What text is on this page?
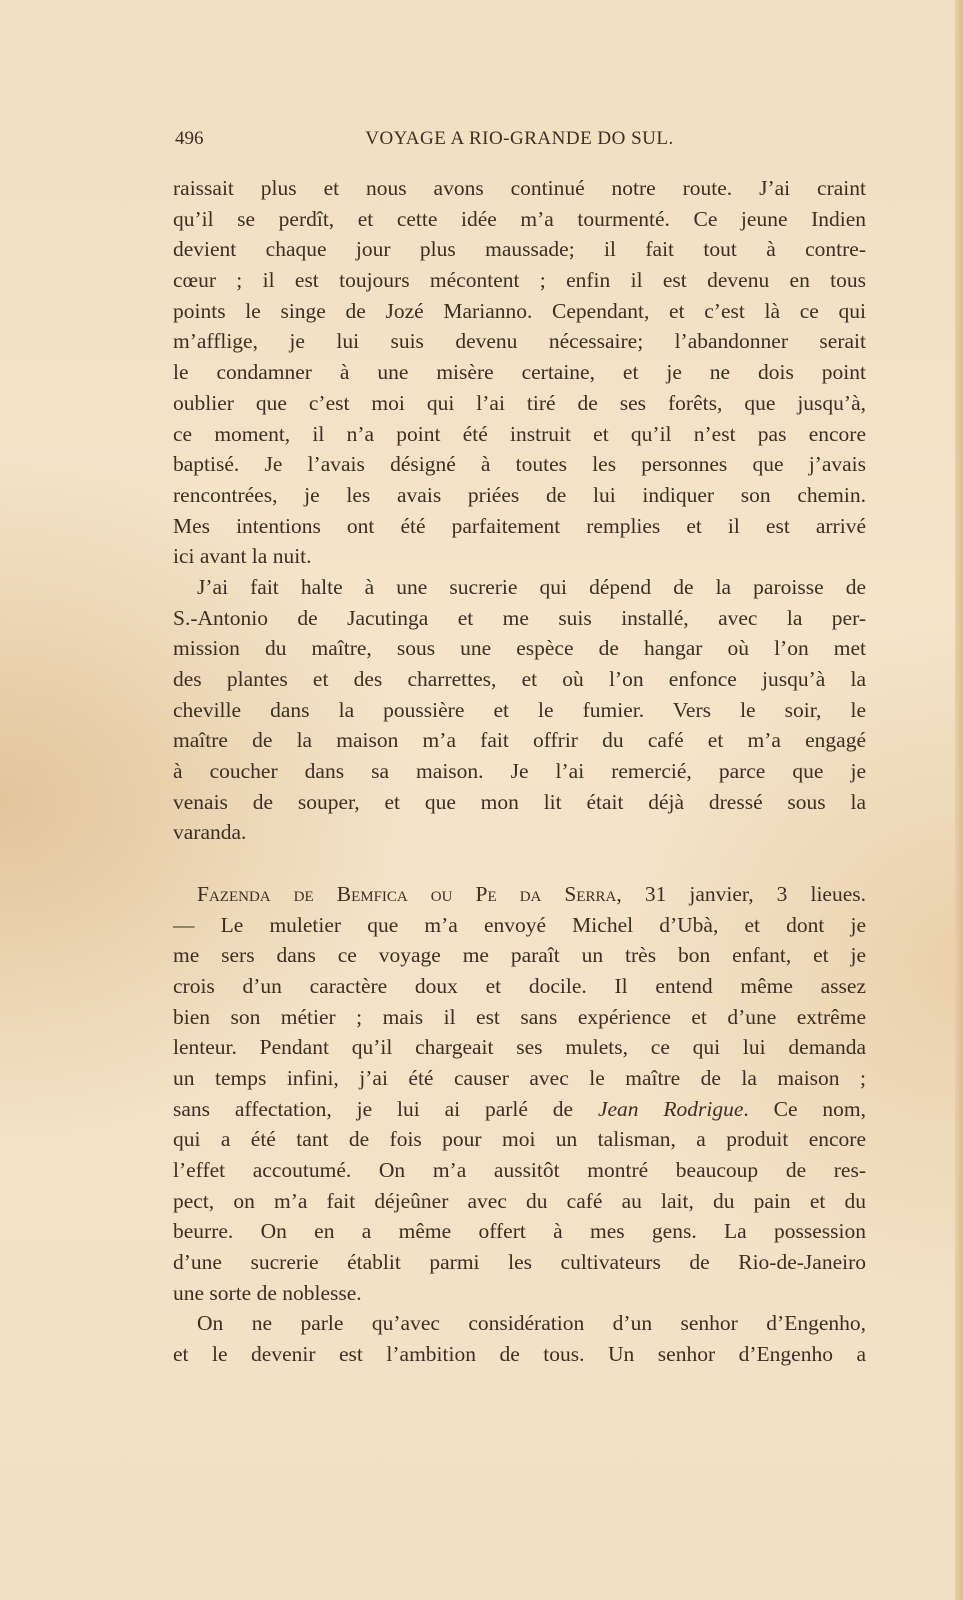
496	VOYAGE A RIO-GRANDE DO SUL.
raissait plus et nous avons continué notre route. J’ai craint
qu’il se perdît, et cette idée m’a tourmenté. Ce jeune Indien
devient chaque jour plus maussade; il fait tout à contre-
cœur ; il est toujours mécontent ; enfin il est devenu en tous
points le singe de Jozé Marianno. Cependant, et c’est là ce qui
m’afflige, je lui suis devenu nécessaire; l’abandonner serait
le condamner à une misère certaine, et je ne dois point
oublier que c’est moi qui l’ai tiré de ses forêts, que jusqu’à,
ce moment, il n’a point été instruit et qu’il n’est pas encore
baptisé. Je l’avais désigné à toutes les personnes que j’avais
rencontrées, je les avais priées de lui indiquer son chemin.
Mes intentions ont été parfaitement remplies et il est arrivé
ici avant la nuit.
J’ai fait halte à une sucrerie qui dépend de la paroisse de
S.-Antonio de Jacutinga et me suis installé, avec la per-
mission du maître, sous une espèce de hangar où l’on met
des plantes et des charrettes, et où l’on enfonce jusqu’à la
cheville dans la poussière et le fumier. Vers le soir, le
maître de la maison m’a fait offrir du café et m’a engagé
à coucher dans sa maison. Je l’ai remercié, parce que je
venais de souper, et que mon lit était déjà dressé sous la
varanda.
Fazenda de Bemfica ou Pe da Serra, 31 janvier, 3 lieues.
— Le muletier que m’a envoyé Michel d’Ubà, et dont je
me sers dans ce voyage me paraît un très bon enfant, et je
crois d’un caractère doux et docile. Il entend même assez
bien son métier ; mais il est sans expérience et d’une extrême
lenteur. Pendant qu’il chargeait ses mulets, ce qui lui demanda
un temps infini, j’ai été causer avec le maître de la maison ;
sans affectation, je lui ai parlé de Jean Rodrigue. Ce nom,
qui a été tant de fois pour moi un talisman, a produit encore
l’effet accoutumé. On m’a aussitôt montré beaucoup de res-
pect, on m’a fait déjeûner avec du café au lait, du pain et du
beurre. On en a même offert à mes gens. La possession
d’une sucrerie établit parmi les cultivateurs de Rio-de-Janeiro
une sorte de noblesse.
On ne parle qu’avec considération d’un senhor d’Engenho,
et le devenir est l’ambition de tous. Un senhor d’Engenho a
